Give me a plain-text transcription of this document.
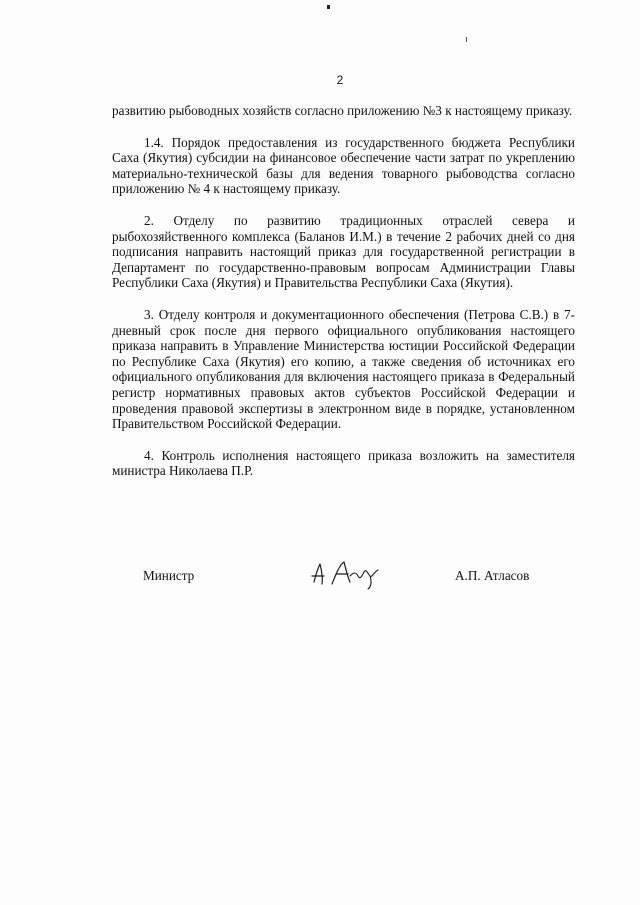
2

развитию рыбоводных хозяйств согласно приложению №3 к настоящему приказу.

1.4. Порядок предоставления из государственного бюджета Республики Саха (Якутия) субсидии на финансовое обеспечение части затрат по укреплению материально-технической базы для ведения товарного рыбоводства согласно приложению № 4 к настоящему приказу.

2. Отделу по развитию традиционных отраслей севера и рыбохозяйственного комплекса (Баланов И.М.) в течение 2 рабочих дней со дня подписания направить настоящий приказ для государственной регистрации в Департамент по государственно-правовым вопросам Администрации Главы Республики Саха (Якутия) и Правительства Республики Саха (Якутия).

3. Отделу контроля и документационного обеспечения (Петрова С.В.) в 7-дневный срок после дня первого официального опубликования настоящего приказа направить в Управление Министерства юстиции Российской Федерации по Республике Саха (Якутия) его копию, а также сведения об источниках его официального опубликования для включения настоящего приказа в Федеральный регистр нормативных правовых актов субъектов Российской Федерации и проведения правовой экспертизы в электронном виде в порядке, установленном Правительством Российской Федерации.

4. Контроль исполнения настоящего приказа возложить на заместителя министра Николаева П.Р.

Министр	А.П. Атласов
